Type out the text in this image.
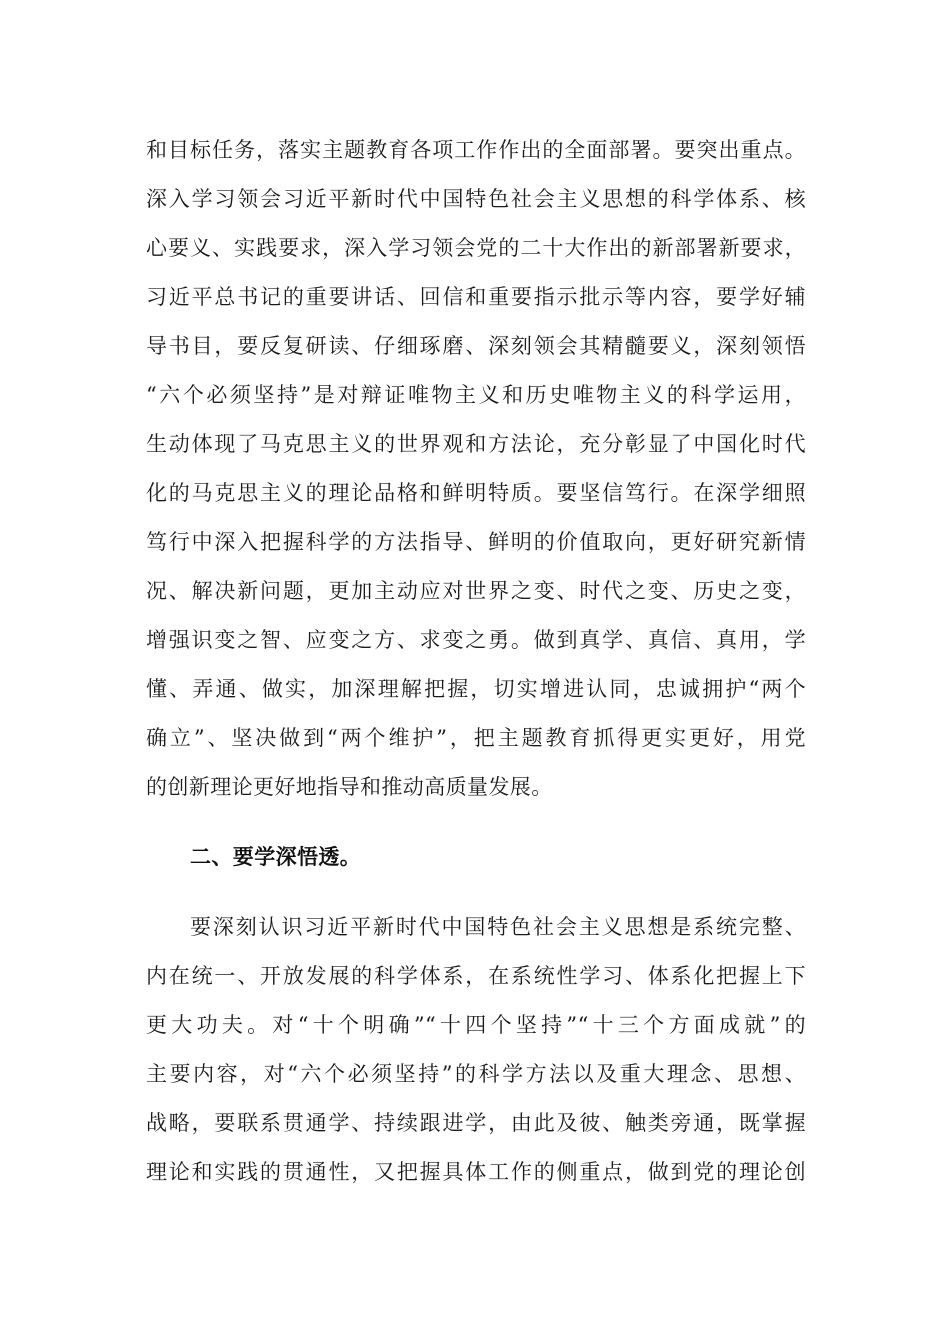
和目标任务，落实主题教育各项工作作出的全面部署。要突出重点。
深入学习领会习近平新时代中国特色社会主义思想的科学体系、核
心要义、实践要求，深入学习领会党的二十大作出的新部署新要求，
习近平总书记的重要讲话、回信和重要指示批示等内容，要学好辅
导书目，要反复研读、仔细琢磨、深刻领会其精髓要义，深刻领悟
“六个必须坚持”是对辩证唯物主义和历史唯物主义的科学运用，
生动体现了马克思主义的世界观和方法论，充分彰显了中国化时代
化的马克思主义的理论品格和鲜明特质。要坚信笃行。在深学细照
笃行中深入把握科学的方法指导、鲜明的价值取向，更好研究新情
况、解决新问题，更加主动应对世界之变、时代之变、历史之变，
增强识变之智、应变之方、求变之勇。做到真学、真信、真用，学
懂、弄通、做实，加深理解把握，切实增进认同，忠诚拥护“两个
确立”、坚决做到“两个维护”，把主题教育抓得更实更好，用党
的创新理论更好地指导和推动高质量发展。
二、要学深悟透。
要深刻认识习近平新时代中国特色社会主义思想是系统完整、
内在统一、开放发展的科学体系，在系统性学习、体系化把握上下
更大功夫。对“十个明确”“十四个坚持”“十三个方面成就”的
主要内容，对“六个必须坚持”的科学方法以及重大理念、思想、
战略，要联系贯通学、持续跟进学，由此及彼、触类旁通，既掌握
理论和实践的贯通性，又把握具体工作的侧重点，做到党的理论创
